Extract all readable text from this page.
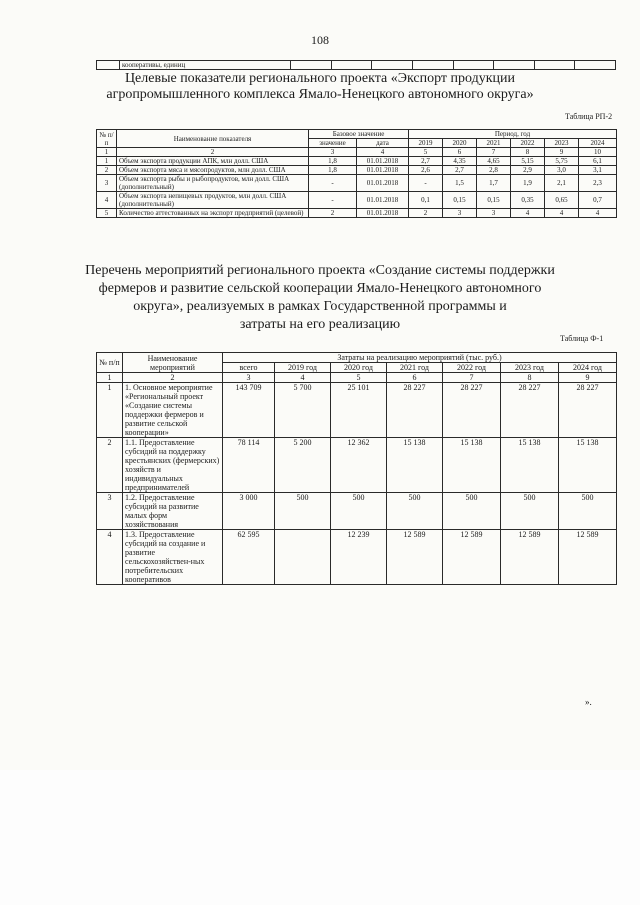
108
	кооперативы, единиц								
Целевые показатели регионального проекта «Экспорт продукции
агропромышленного комплекса Ямало-Ненецкого автономного округа»
Таблица РП-2
№ п/п	Наименование показателя	Базовое значение		Период, год					
		значение	дата	2019	2020	2021	2022	2023	2024
1	2	3	4	5	6	7	8	9	10
1	Объем экспорта продукции АПК, млн долл. США	1,8	01.01.2018	2,7	4,35	4,65	5,15	5,75	6,1
2	Объем экспорта мяса и мясопродуктов, млн долл. США	1,8	01.01.2018	2,6	2,7	2,8	2,9	3,0	3,1
3	Объем экспорта рыбы и рыбопродуктов, млн долл. США (дополнительный)	-	01.01.2018	-	1,5	1,7	1,9	2,1	2,3
4	Объем экспорта непищевых продуктов, млн долл. США (дополнительный)	-	01.01.2018	0,1	0,15	0,15	0,35	0,65	0,7
5	Количество аттестованных на экспорт предприятий (целевой)	2	01.01.2018	2	3	3	4	4	4
Перечень мероприятий регионального проекта «Создание системы поддержки
фермеров и развитие сельской кооперации Ямало-Ненецкого автономного
округа», реализуемых в рамках Государственной программы и
затраты на его реализацию
Таблица Ф-1
№ п/п	Наименование мероприятий	Затраты на реализацию мероприятий (тыс. руб.)						
		всего	2019 год	2020 год	2021 год	2022 год	2023 год	2024 год
1	2	3	4	5	6	7	8	9
1	1. Основное мероприятие «Региональный проект «Создание системы поддержки фермеров и развитие сельской кооперации»	143 709	5 700	25 101	28 227	28 227	28 227	28 227
2	1.1. Предоставление субсидий на поддержку крестьянских (фермерских) хозяйств и индивидуальных предпринимателей	78 114	5 200	12 362	15 138	15 138	15 138	15 138
3	1.2. Предоставление субсидий на развитие малых форм хозяйствования	3 000	500	500	500	500	500	500
4	1.3. Предоставление субсидий на создание и развитие сельскохозяйствен-ных потребительских кооперативов	62 595		12 239	12 589	12 589	12 589	12 589
».
